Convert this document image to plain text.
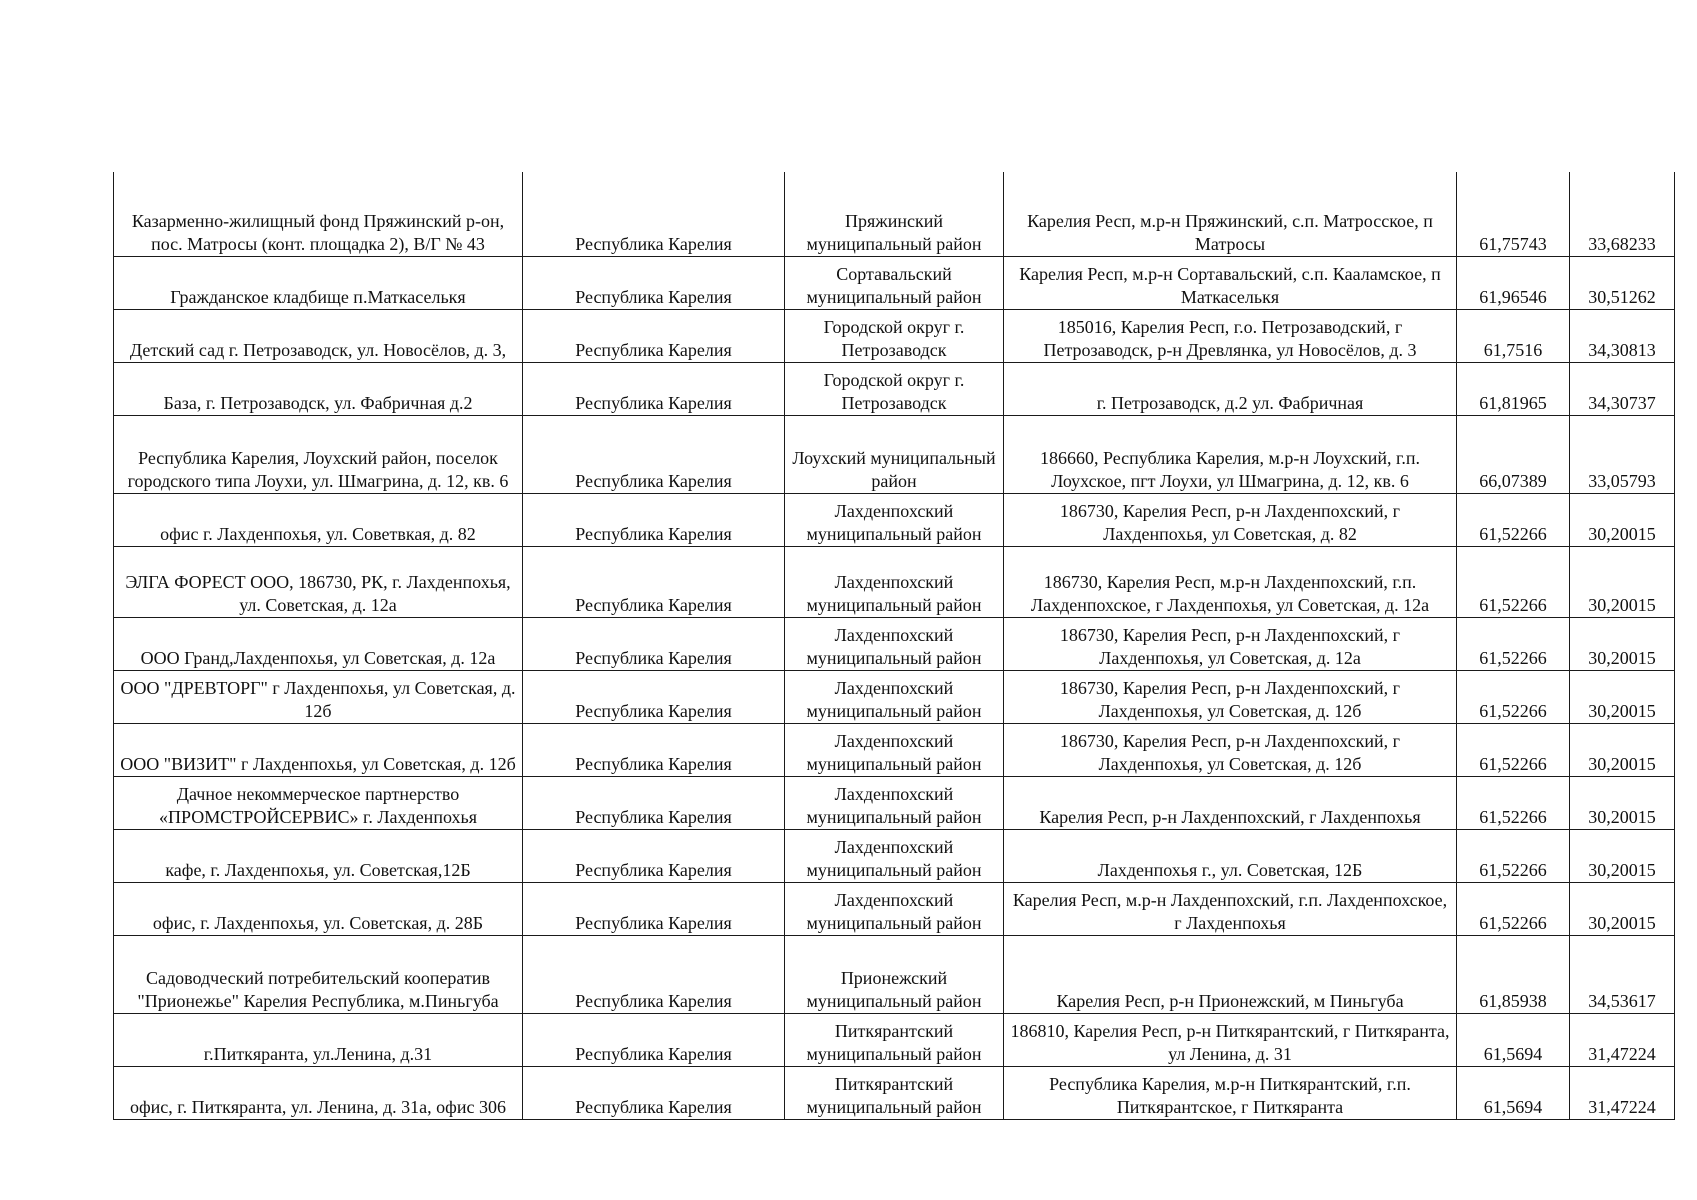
Казарменно-жилищный фонд Пряжинский р-он, пос. Матросы (конт. площадка 2), В/Г № 43	Республика Карелия	Пряжинский муниципальный район	Карелия Респ, м.р-н Пряжинский, с.п. Матросское, п Матросы	61,75743	33,68233
Гражданское кладбище п.Маткаселькя	Республика Карелия	Сортавальский муниципальный район	Карелия Респ, м.р-н Сортавальский, с.п. Кааламское, п Маткаселькя	61,96546	30,51262
Детский сад г. Петрозаводск, ул. Новосёлов, д. 3,	Республика Карелия	Городской округ г. Петрозаводск	185016, Карелия Респ, г.о. Петрозаводский, г Петрозаводск, р-н Древлянка, ул Новосёлов, д. 3	61,7516	34,30813
База, г. Петрозаводск, ул. Фабричная д.2	Республика Карелия	Городской округ г. Петрозаводск	г. Петрозаводск, д.2 ул. Фабричная	61,81965	34,30737
Республика Карелия, Лоухский район, поселок городского типа Лоухи, ул. Шмагрина, д. 12, кв. 6	Республика Карелия	Лоухский муниципальный район	186660, Республика Карелия, м.р-н Лоухский, г.п. Лоухское, пгт Лоухи, ул Шмагрина, д. 12, кв. 6	66,07389	33,05793
офис г. Лахденпохья, ул. Советвкая, д. 82	Республика Карелия	Лахденпохский муниципальный район	186730, Карелия Респ, р-н Лахденпохский, г Лахденпохья, ул Советская, д. 82	61,52266	30,20015
ЭЛГА ФОРЕСТ ООО, 186730, РК, г. Лахденпохья, ул. Советская, д. 12а	Республика Карелия	Лахденпохский муниципальный район	186730, Карелия Респ, м.р-н Лахденпохский, г.п. Лахденпохское, г Лахденпохья, ул Советская, д. 12а	61,52266	30,20015
ООО Гранд,Лахденпохья, ул Советская, д. 12а	Республика Карелия	Лахденпохский муниципальный район	186730, Карелия Респ, р-н Лахденпохский, г Лахденпохья, ул Советская, д. 12а	61,52266	30,20015
ООО "ДРЕВТОРГ" г Лахденпохья, ул Советская, д. 12б	Республика Карелия	Лахденпохский муниципальный район	186730, Карелия Респ, р-н Лахденпохский, г Лахденпохья, ул Советская, д. 12б	61,52266	30,20015
ООО "ВИЗИТ" г Лахденпохья, ул Советская, д. 12б	Республика Карелия	Лахденпохский муниципальный район	186730, Карелия Респ, р-н Лахденпохский, г Лахденпохья, ул Советская, д. 12б	61,52266	30,20015
Дачное некоммерческое партнерство «ПРОМСТРОЙСЕРВИС» г. Лахденпохья	Республика Карелия	Лахденпохский муниципальный район	Карелия Респ, р-н Лахденпохский, г Лахденпохья	61,52266	30,20015
кафе, г. Лахденпохья, ул. Советская,12Б	Республика Карелия	Лахденпохский муниципальный район	Лахденпохья г., ул. Советская, 12Б	61,52266	30,20015
офис, г. Лахденпохья, ул. Советская, д. 28Б	Республика Карелия	Лахденпохский муниципальный район	Карелия Респ, м.р-н Лахденпохский, г.п. Лахденпохское, г Лахденпохья	61,52266	30,20015
Садоводческий потребительский кооператив "Прионежье" Карелия Республика, м.Пиньгуба	Республика Карелия	Прионежский муниципальный район	Карелия Респ, р-н Прионежский, м Пиньгуба	61,85938	34,53617
г.Питкяранта, ул.Ленина, д.31	Республика Карелия	Питкярантский муниципальный район	186810, Карелия Респ, р-н Питкярантский, г Питкяранта, ул Ленина, д. 31	61,5694	31,47224
офис, г. Питкяранта, ул. Ленина, д. 31а, офис 306	Республика Карелия	Питкярантский муниципальный район	Республика Карелия, м.р-н Питкярантский, г.п. Питкярантское, г Питкяранта	61,5694	31,47224
